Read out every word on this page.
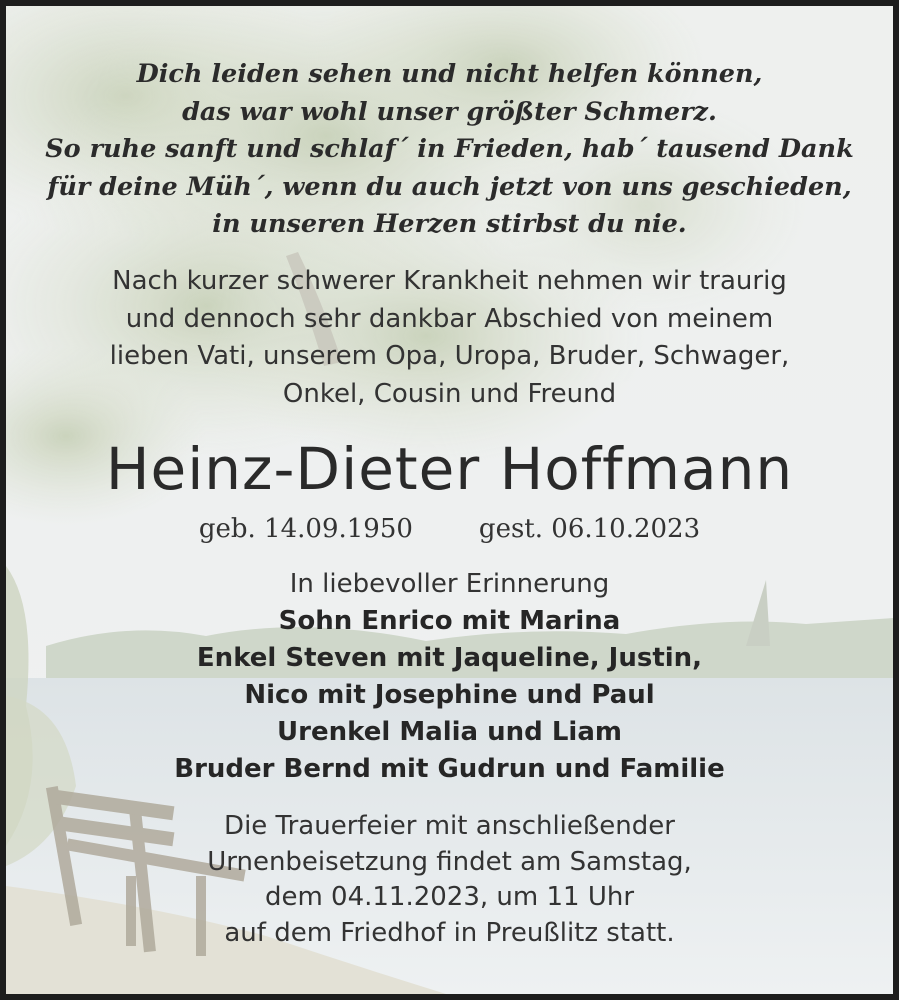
Dich leiden sehen und nicht helfen können,
das war wohl unser größter Schmerz.
So ruhe sanft und schlaf´ in Frieden, hab´ tausend Dank
für deine Müh´, wenn du auch jetzt von uns geschieden,
in unseren Herzen stirbst du nie.
Nach kurzer schwerer Krankheit nehmen wir traurig
und dennoch sehr dankbar Abschied von meinem
lieben Vati, unserem Opa, Uropa, Bruder, Schwager,
Onkel, Cousin und Freund
Heinz-Dieter Hoffmann
geb. 14.09.1950	gest. 06.10.2023
In liebevoller Erinnerung
Sohn Enrico mit Marina
Enkel Steven mit Jaqueline, Justin,
Nico mit Josephine und Paul
Urenkel Malia und Liam
Bruder Bernd mit Gudrun und Familie
Die Trauerfeier mit anschließender
Urnenbeisetzung findet am Samstag,
dem 04.11.2023, um 11 Uhr
auf dem Friedhof in Preußlitz statt.
